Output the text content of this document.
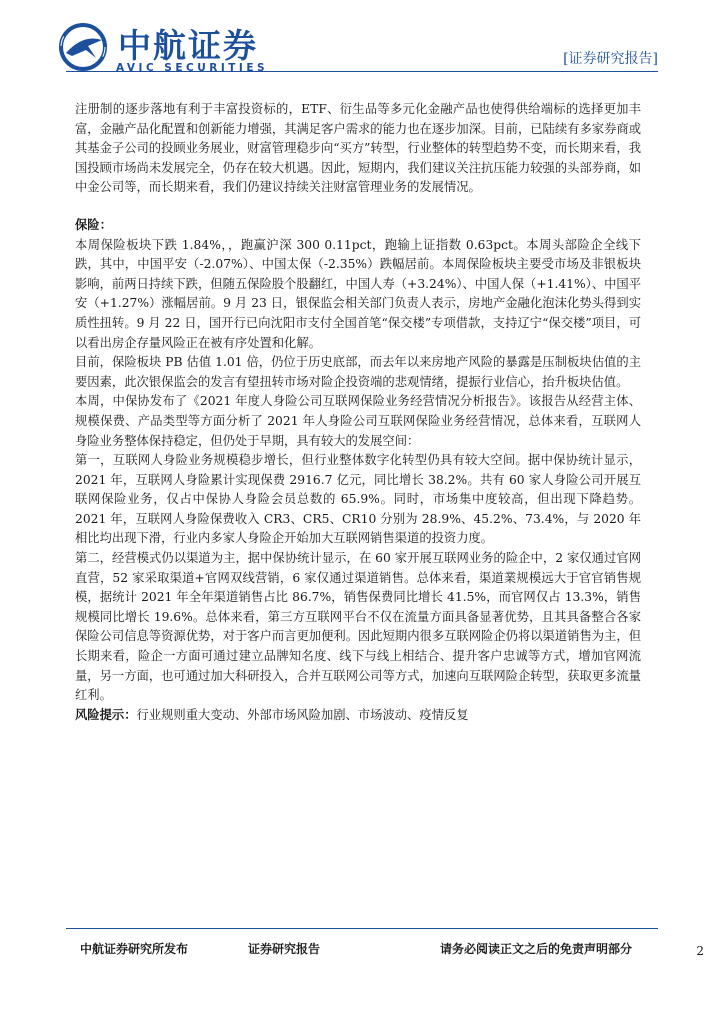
中航证券
AVIC SECURITIES
[证券研究报告]

注册制的逐步落地有利于丰富投资标的，ETF、衍生品等多元化金融产品也使得供给端标的选择更加丰富，金融产品化配置和创新能力增强，其满足客户需求的能力也在逐步加深。目前，已陆续有多家券商或其基金子公司的投顾业务展业，财富管理稳步向“买方”转型，行业整体的转型趋势不变，而长期来看，我国投顾市场尚未发展完全，仍存在较大机遇。因此，短期内，我们建议关注抗压能力较强的头部券商，如中金公司等，而长期来看，我们仍建议持续关注财富管理业务的发展情况。

保险：

本周保险板块下跌 1.84%，，跑赢沪深 300 0.11pct，跑输上证指数 0.63pct。本周头部险企全线下跌，其中，中国平安（-2.07%）、中国太保（-2.35%）跌幅居前。本周保险板块主要受市场及非银板块影响，前两日持续下跌，但随五保险股个股翻红，中国人寿（+3.24%）、中国人保（+1.41%）、中国平安（+1.27%）涨幅居前。9 月 23 日，银保监会相关部门负责人表示，房地产金融化泡沫化势头得到实质性扭转。9 月 22 日，国开行已向沈阳市支付全国首笔“保交楼”专项借款，支持辽宁“保交楼”项目，可以看出房企存量风险正在被有序处置和化解。

目前，保险板块 PB 估值 1.01 倍，仍位于历史底部，而去年以来房地产风险的暴露是压制板块估值的主要因素，此次银保监会的发言有望扭转市场对险企投资端的悲观情绪，提振行业信心，抬升板块估值。

本周，中保协发布了《2021 年度人身险公司互联网保险业务经营情况分析报告》。该报告从经营主体、规模保费、产品类型等方面分析了 2021 年人身险公司互联网保险业务经营情况，总体来看，互联网人身险业务整体保持稳定，但仍处于早期，具有较大的发展空间：

第一，互联网人身险业务规模稳步增长，但行业整体数字化转型仍具有较大空间。据中保协统计显示，2021 年，互联网人身险累计实现保费 2916.7 亿元，同比增长 38.2%。共有 60 家人身险公司开展互联网保险业务，仅占中保协人身险会员总数的 65.9%。同时，市场集中度较高，但出现下降趋势。2021 年，互联网人身险保费收入 CR3、CR5、CR10 分别为 28.9%、45.2%、73.4%，与 2020 年相比均出现下滑，行业内多家人身险企开始加大互联网销售渠道的投资力度。

第二，经营模式仍以渠道为主，据中保协统计显示，在 60 家开展互联网业务的险企中，2 家仅通过官网直营，52 家采取渠道+官网双线营销，6 家仅通过渠道销售。总体来看，渠道業规模远大于官官销售规模，据统计 2021 年全年渠道销售占比 86.7%，销售保费同比增长 41.5%，而官网仅占 13.3%，销售规模同比增长 19.6%。总体来看，第三方互联网平台不仅在流量方面具备显著优势，且其具备整合各家保险公司信息等资源优势，对于客户而言更加便利。因此短期内很多互联网险企仍将以渠道销售为主，但长期来看，险企一方面可通过建立品牌知名度、线下与线上相结合、提升客户忠诚等方式，增加官网流量，另一方面，也可通过加大科研投入，合并互联网公司等方式，加速向互联网险企转型，获取更多流量红利。

风险提示：行业规则重大变动、外部市场风险加剧、市场波动、疫情反复

中航证券研究所发布	证券研究报告	请务必阅读正文之后的免责声明部分	2
